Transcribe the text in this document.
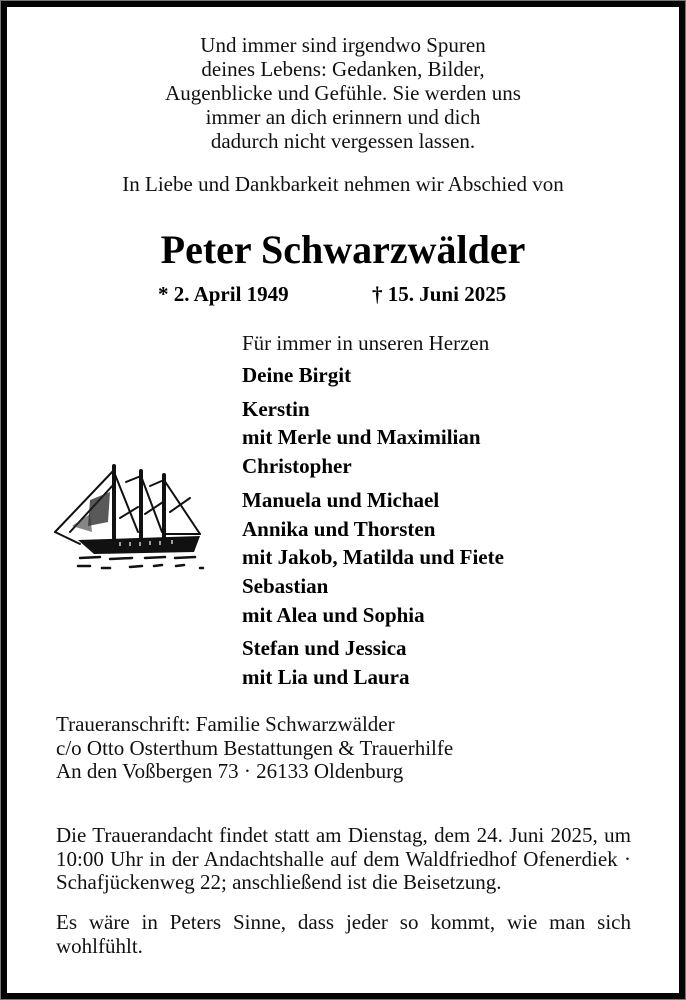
Und immer sind irgendwo Spuren
deines Lebens: Gedanken, Bilder,
Augenblicke und Gefühle. Sie werden uns
immer an dich erinnern und dich
dadurch nicht vergessen lassen.
In Liebe und Dankbarkeit nehmen wir Abschied von
Peter Schwarzwälder
* 2. April 1949	† 15. Juni 2025
Für immer in unseren Herzen
Deine Birgit
Kerstin
mit Merle und Maximilian
Christopher
Manuela und Michael
Annika und Thorsten
mit Jakob, Matilda und Fiete
Sebastian
mit Alea und Sophia
Stefan und Jessica
mit Lia und Laura
Traueranschrift: Familie Schwarzwälder
c/o Otto Osterthum Bestattungen & Trauerhilfe
An den Voßbergen 73 · 26133 Oldenburg
Die Trauerandacht findet statt am Dienstag, dem 24. Juni 2025, um 10:00 Uhr in der Andachtshalle auf dem Waldfriedhof Ofenerdiek · Schafjückenweg 22; anschließend ist die Beisetzung.
Es wäre in Peters Sinne, dass jeder so kommt, wie man sich wohlfühlt.
